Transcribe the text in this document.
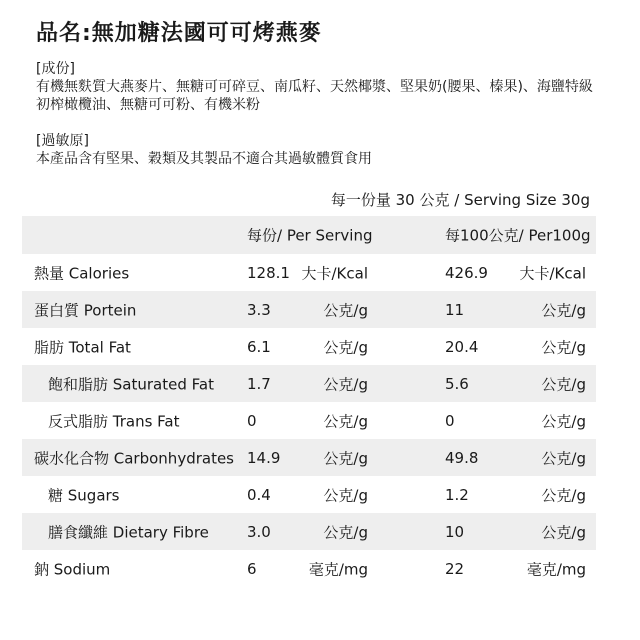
品名:無加糖法國可可烤燕麥
[成份]
有機無麩質大燕麥片、無糖可可碎豆、南瓜籽、天然椰漿、堅果奶(腰果、榛果)、海鹽特級初榨橄欖油、無糖可可粉、有機米粉
[過敏原]
本產品含有堅果、穀類及其製品不適合其過敏體質食用
每一份量 30 公克 / Serving Size 30g
每份/ Per Serving	每100公克/ Per100g
熱量 Calories	128.1 大卡/Kcal	426.9 大卡/Kcal
蛋白質 Portein	3.3	公克/g	11	公克/g
脂肪 Total Fat	6.1	公克/g	20.4	公克/g
飽和脂肪 Saturated Fat 1.7	公克/g	5.6	公克/g
反式脂肪 Trans Fat	0	公克/g	0	公克/g
碳水化合物 Carbonhydrates 14.9	公克/g	49.8	公克/g
糖 Sugars	0.4	公克/g	1.2	公克/g
膳食纖維 Dietary Fibre	3.0	公克/g	10	公克/g
鈉 Sodium	6	毫克/mg	22	毫克/mg
